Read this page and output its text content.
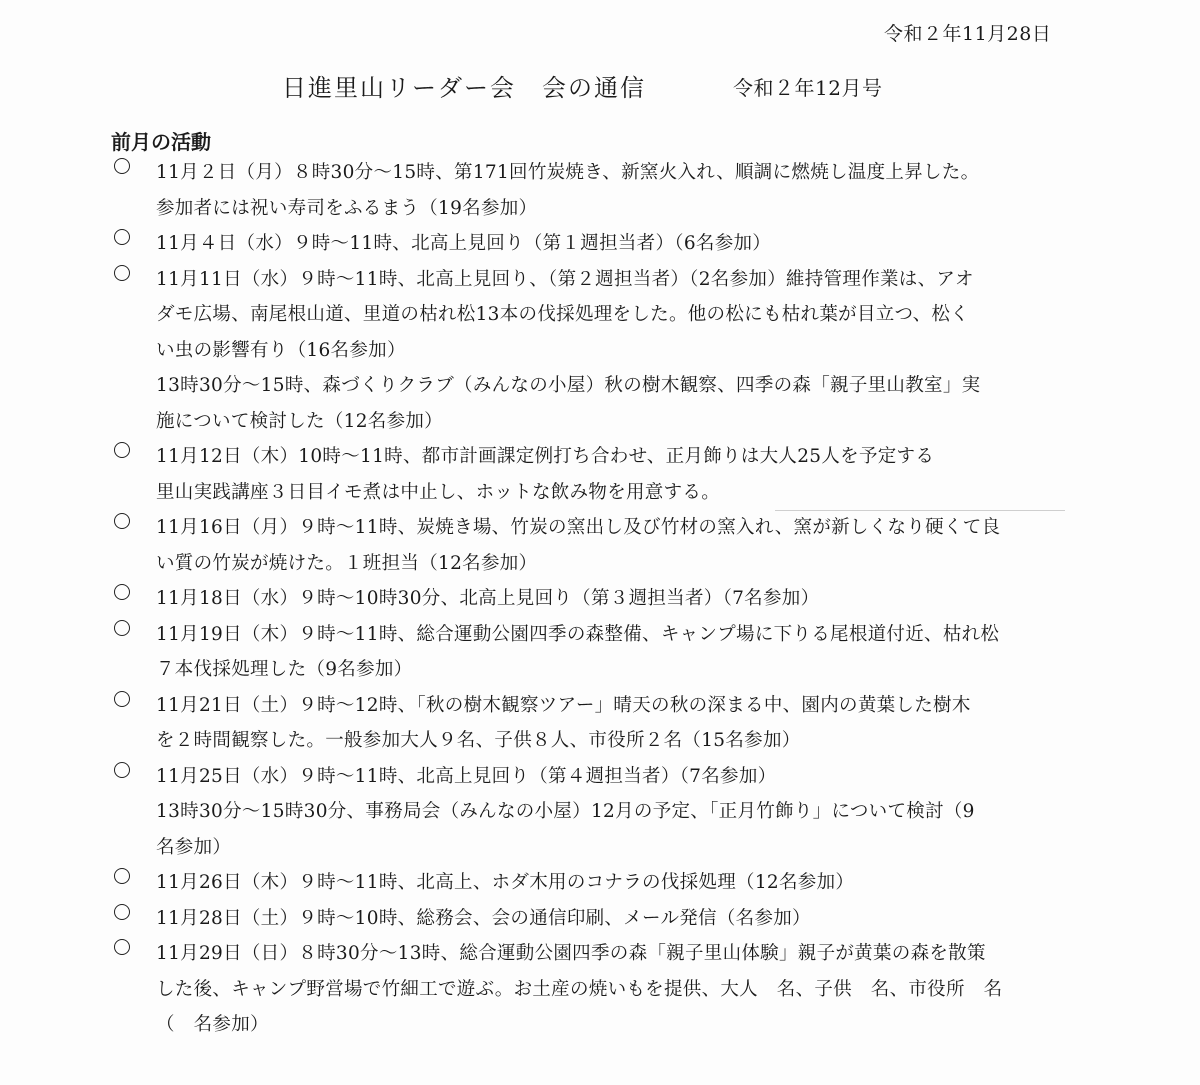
令和２年11月28日
日進里山リーダー会　会の通信	令和２年12月号
前月の活動
11月２日（月）８時30分～15時、第171回竹炭焼き、新窯火入れ、順調に燃焼し温度上昇した。
参加者には祝い寿司をふるまう（19名参加）
11月４日（水）９時～11時、北高上見回り（第１週担当者）（6名参加）
11月11日（水）９時～11時、北高上見回り、（第２週担当者）（2名参加）維持管理作業は、アオ
ダモ広場、南尾根山道、里道の枯れ松13本の伐採処理をした。他の松にも枯れ葉が目立つ、松く
い虫の影響有り（16名参加）
13時30分～15時、森づくりクラブ（みんなの小屋）秋の樹木観察、四季の森「親子里山教室」実
施について検討した（12名参加）
11月12日（木）10時～11時、都市計画課定例打ち合わせ、正月飾りは大人25人を予定する
里山実践講座３日目イモ煮は中止し、ホットな飲み物を用意する。
11月16日（月）９時～11時、炭焼き場、竹炭の窯出し及び竹材の窯入れ、窯が新しくなり硬くて良
い質の竹炭が焼けた。１班担当（12名参加）
11月18日（水）９時～10時30分、北高上見回り（第３週担当者）（7名参加）
11月19日（木）９時～11時、総合運動公園四季の森整備、キャンプ場に下りる尾根道付近、枯れ松
７本伐採処理した（9名参加）
11月21日（土）９時～12時、「秋の樹木観察ツアー」晴天の秋の深まる中、園内の黄葉した樹木
を２時間観察した。一般参加大人９名、子供８人、市役所２名（15名参加）
11月25日（水）９時～11時、北高上見回り（第４週担当者）（7名参加）
13時30分～15時30分、事務局会（みんなの小屋）12月の予定、「正月竹飾り」について検討（9
名参加）
11月26日（木）９時～11時、北高上、ホダ木用のコナラの伐採処理（12名参加）
11月28日（土）９時～10時、総務会、会の通信印刷、メール発信（名参加）
11月29日（日）８時30分～13時、総合運動公園四季の森「親子里山体験」親子が黄葉の森を散策
した後、キャンプ野営場で竹細工で遊ぶ。お土産の焼いもを提供、大人　名、子供　名、市役所　名
（　名参加）
